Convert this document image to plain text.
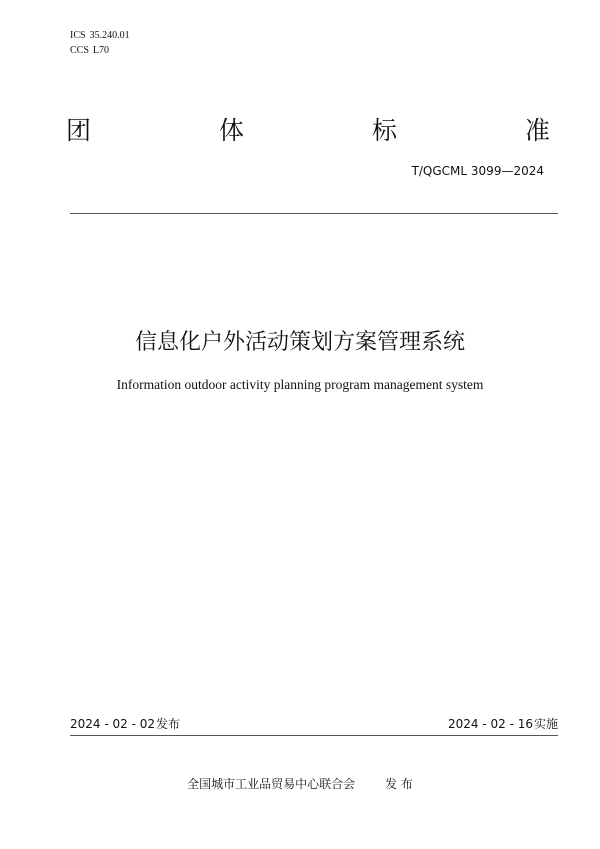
ICS 35.240.01
CCS L70
团	体	标	准
T/QGCML 3099—2024
信息化户外活动策划方案管理系统
Information outdoor activity planning program management system
2024 - 02 - 02发布	2024 - 02 - 16实施
全国城市工业品贸易中心联合会	发 布
